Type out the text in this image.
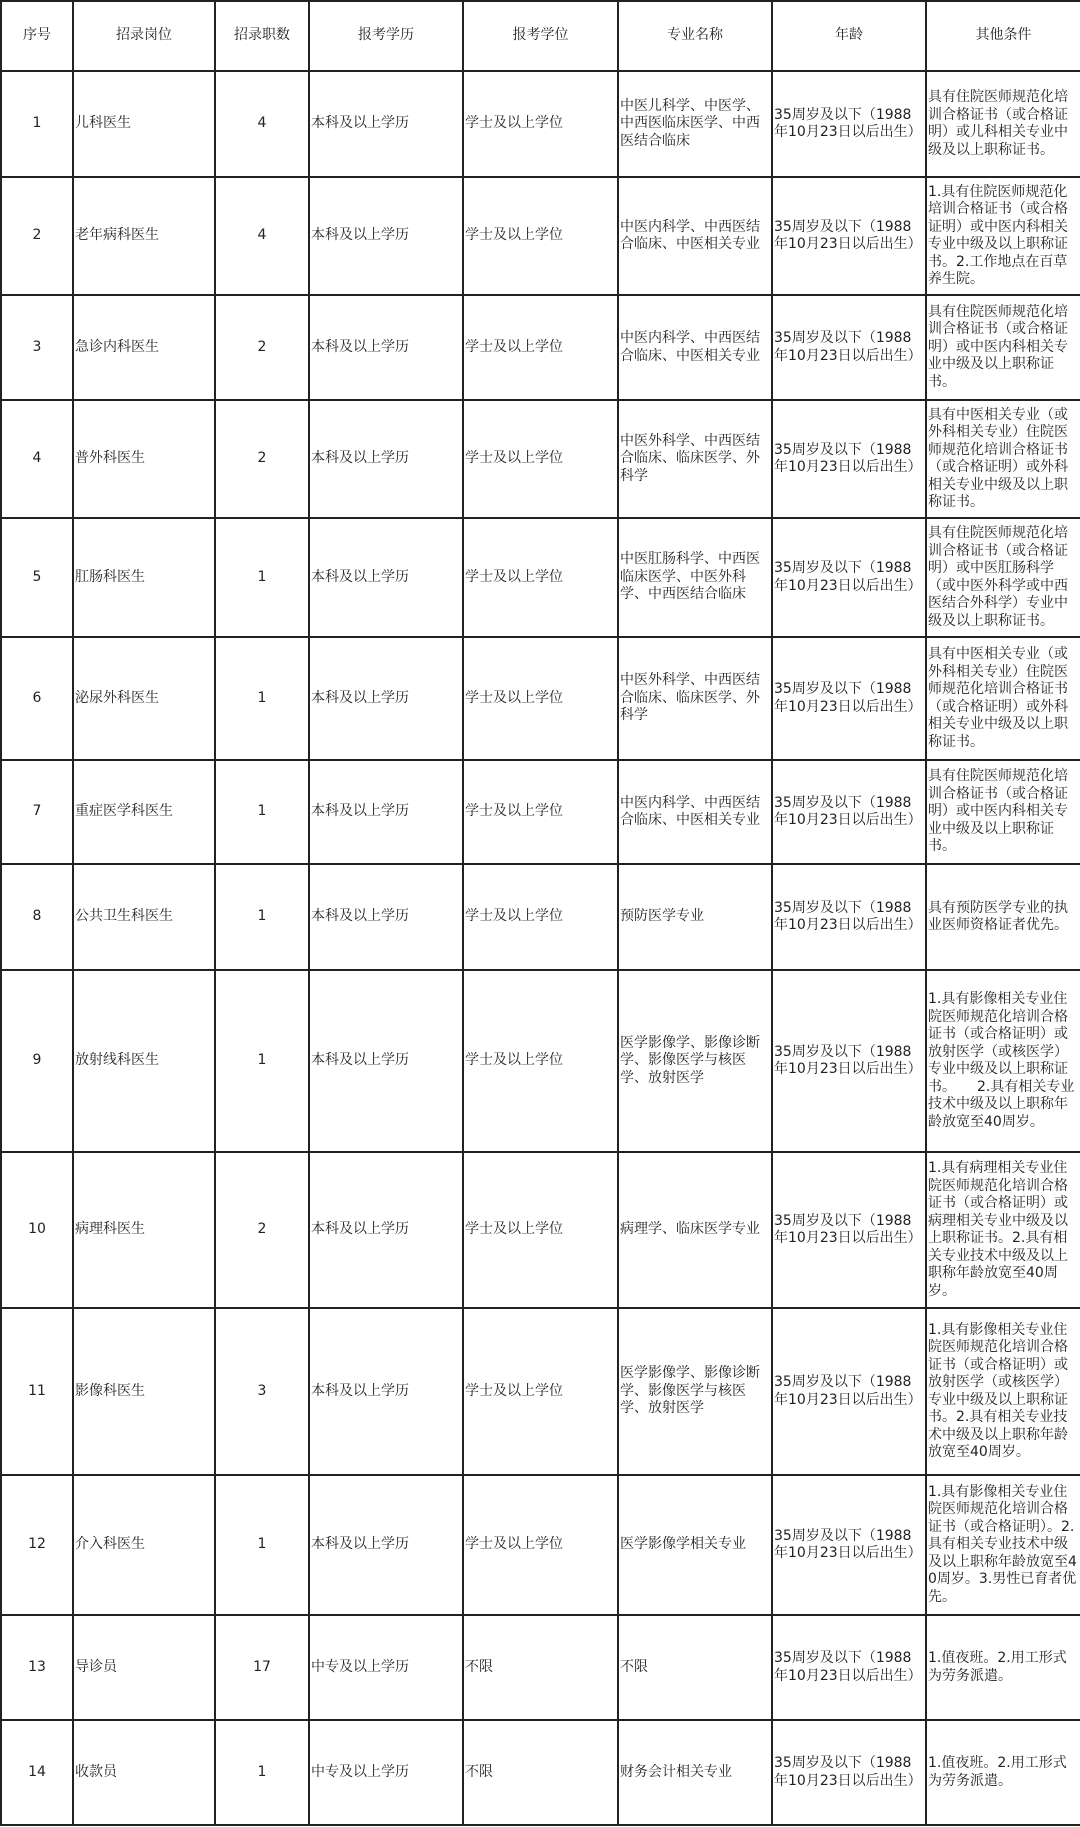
序号	招录岗位	招录职数	报考学历	报考学位	专业名称	年龄	其他条件
1	儿科医生	4	本科及以上学历	学士及以上学位	中医儿科学、中医学、中西医临床医学、中西医结合临床	35周岁及以下（1988年10月23日以后出生）	具有住院医师规范化培训合格证书（或合格证明）或儿科相关专业中级及以上职称证书。
2	老年病科医生	4	本科及以上学历	学士及以上学位	中医内科学、中西医结合临床、中医相关专业	35周岁及以下（1988年10月23日以后出生）	1.具有住院医师规范化培训合格证书（或合格证明）或中医内科相关专业中级及以上职称证书。2.工作地点在百草养生院。
3	急诊内科医生	2	本科及以上学历	学士及以上学位	中医内科学、中西医结合临床、中医相关专业	35周岁及以下（1988年10月23日以后出生）	具有住院医师规范化培训合格证书（或合格证明）或中医内科相关专业中级及以上职称证书。
4	普外科医生	2	本科及以上学历	学士及以上学位	中医外科学、中西医结合临床、临床医学、外科学	35周岁及以下（1988年10月23日以后出生）	具有中医相关专业（或外科相关专业）住院医师规范化培训合格证书（或合格证明）或外科相关专业中级及以上职称证书。
5	肛肠科医生	1	本科及以上学历	学士及以上学位	中医肛肠科学、中西医临床医学、中医外科学、中西医结合临床	35周岁及以下（1988年10月23日以后出生）	具有住院医师规范化培训合格证书（或合格证明）或中医肛肠科学（或中医外科学或中西医结合外科学）专业中级及以上职称证书。
6	泌尿外科医生	1	本科及以上学历	学士及以上学位	中医外科学、中西医结合临床、临床医学、外科学	35周岁及以下（1988年10月23日以后出生）	具有中医相关专业（或外科相关专业）住院医师规范化培训合格证书（或合格证明）或外科相关专业中级及以上职称证书。
7	重症医学科医生	1	本科及以上学历	学士及以上学位	中医内科学、中西医结合临床、中医相关专业	35周岁及以下（1988年10月23日以后出生）	具有住院医师规范化培训合格证书（或合格证明）或中医内科相关专业中级及以上职称证书。
8	公共卫生科医生	1	本科及以上学历	学士及以上学位	预防医学专业	35周岁及以下（1988年10月23日以后出生）	具有预防医学专业的执业医师资格证者优先。
9	放射线科医生	1	本科及以上学历	学士及以上学位	医学影像学、影像诊断学、影像医学与核医学、放射医学	35周岁及以下（1988年10月23日以后出生）	1.具有影像相关专业住院医师规范化培训合格证书（或合格证明）或放射医学（或核医学）专业中级及以上职称证书。　　2.具有相关专业技术中级及以上职称年龄放宽至40周岁。
10	病理科医生	2	本科及以上学历	学士及以上学位	病理学、临床医学专业	35周岁及以下（1988年10月23日以后出生）	1.具有病理相关专业住院医师规范化培训合格证书（或合格证明）或病理相关专业中级及以上职称证书。2.具有相关专业技术中级及以上职称年龄放宽至40周岁。
11	影像科医生	3	本科及以上学历	学士及以上学位	医学影像学、影像诊断学、影像医学与核医学、放射医学	35周岁及以下（1988年10月23日以后出生）	1.具有影像相关专业住院医师规范化培训合格证书（或合格证明）或放射医学（或核医学）专业中级及以上职称证书。2.具有相关专业技术中级及以上职称年龄放宽至40周岁。
12	介入科医生	1	本科及以上学历	学士及以上学位	医学影像学相关专业	35周岁及以下（1988年10月23日以后出生）	1.具有影像相关专业住院医师规范化培训合格证书（或合格证明）。2.具有相关专业技术中级及以上职称年龄放宽至40周岁。3.男性已育者优先。
13	导诊员	17	中专及以上学历	不限	不限	35周岁及以下（1988年10月23日以后出生）	1.值夜班。2.用工形式为劳务派遣。
14	收款员	1	中专及以上学历	不限	财务会计相关专业	35周岁及以下（1988年10月23日以后出生）	1.值夜班。2.用工形式为劳务派遣。
